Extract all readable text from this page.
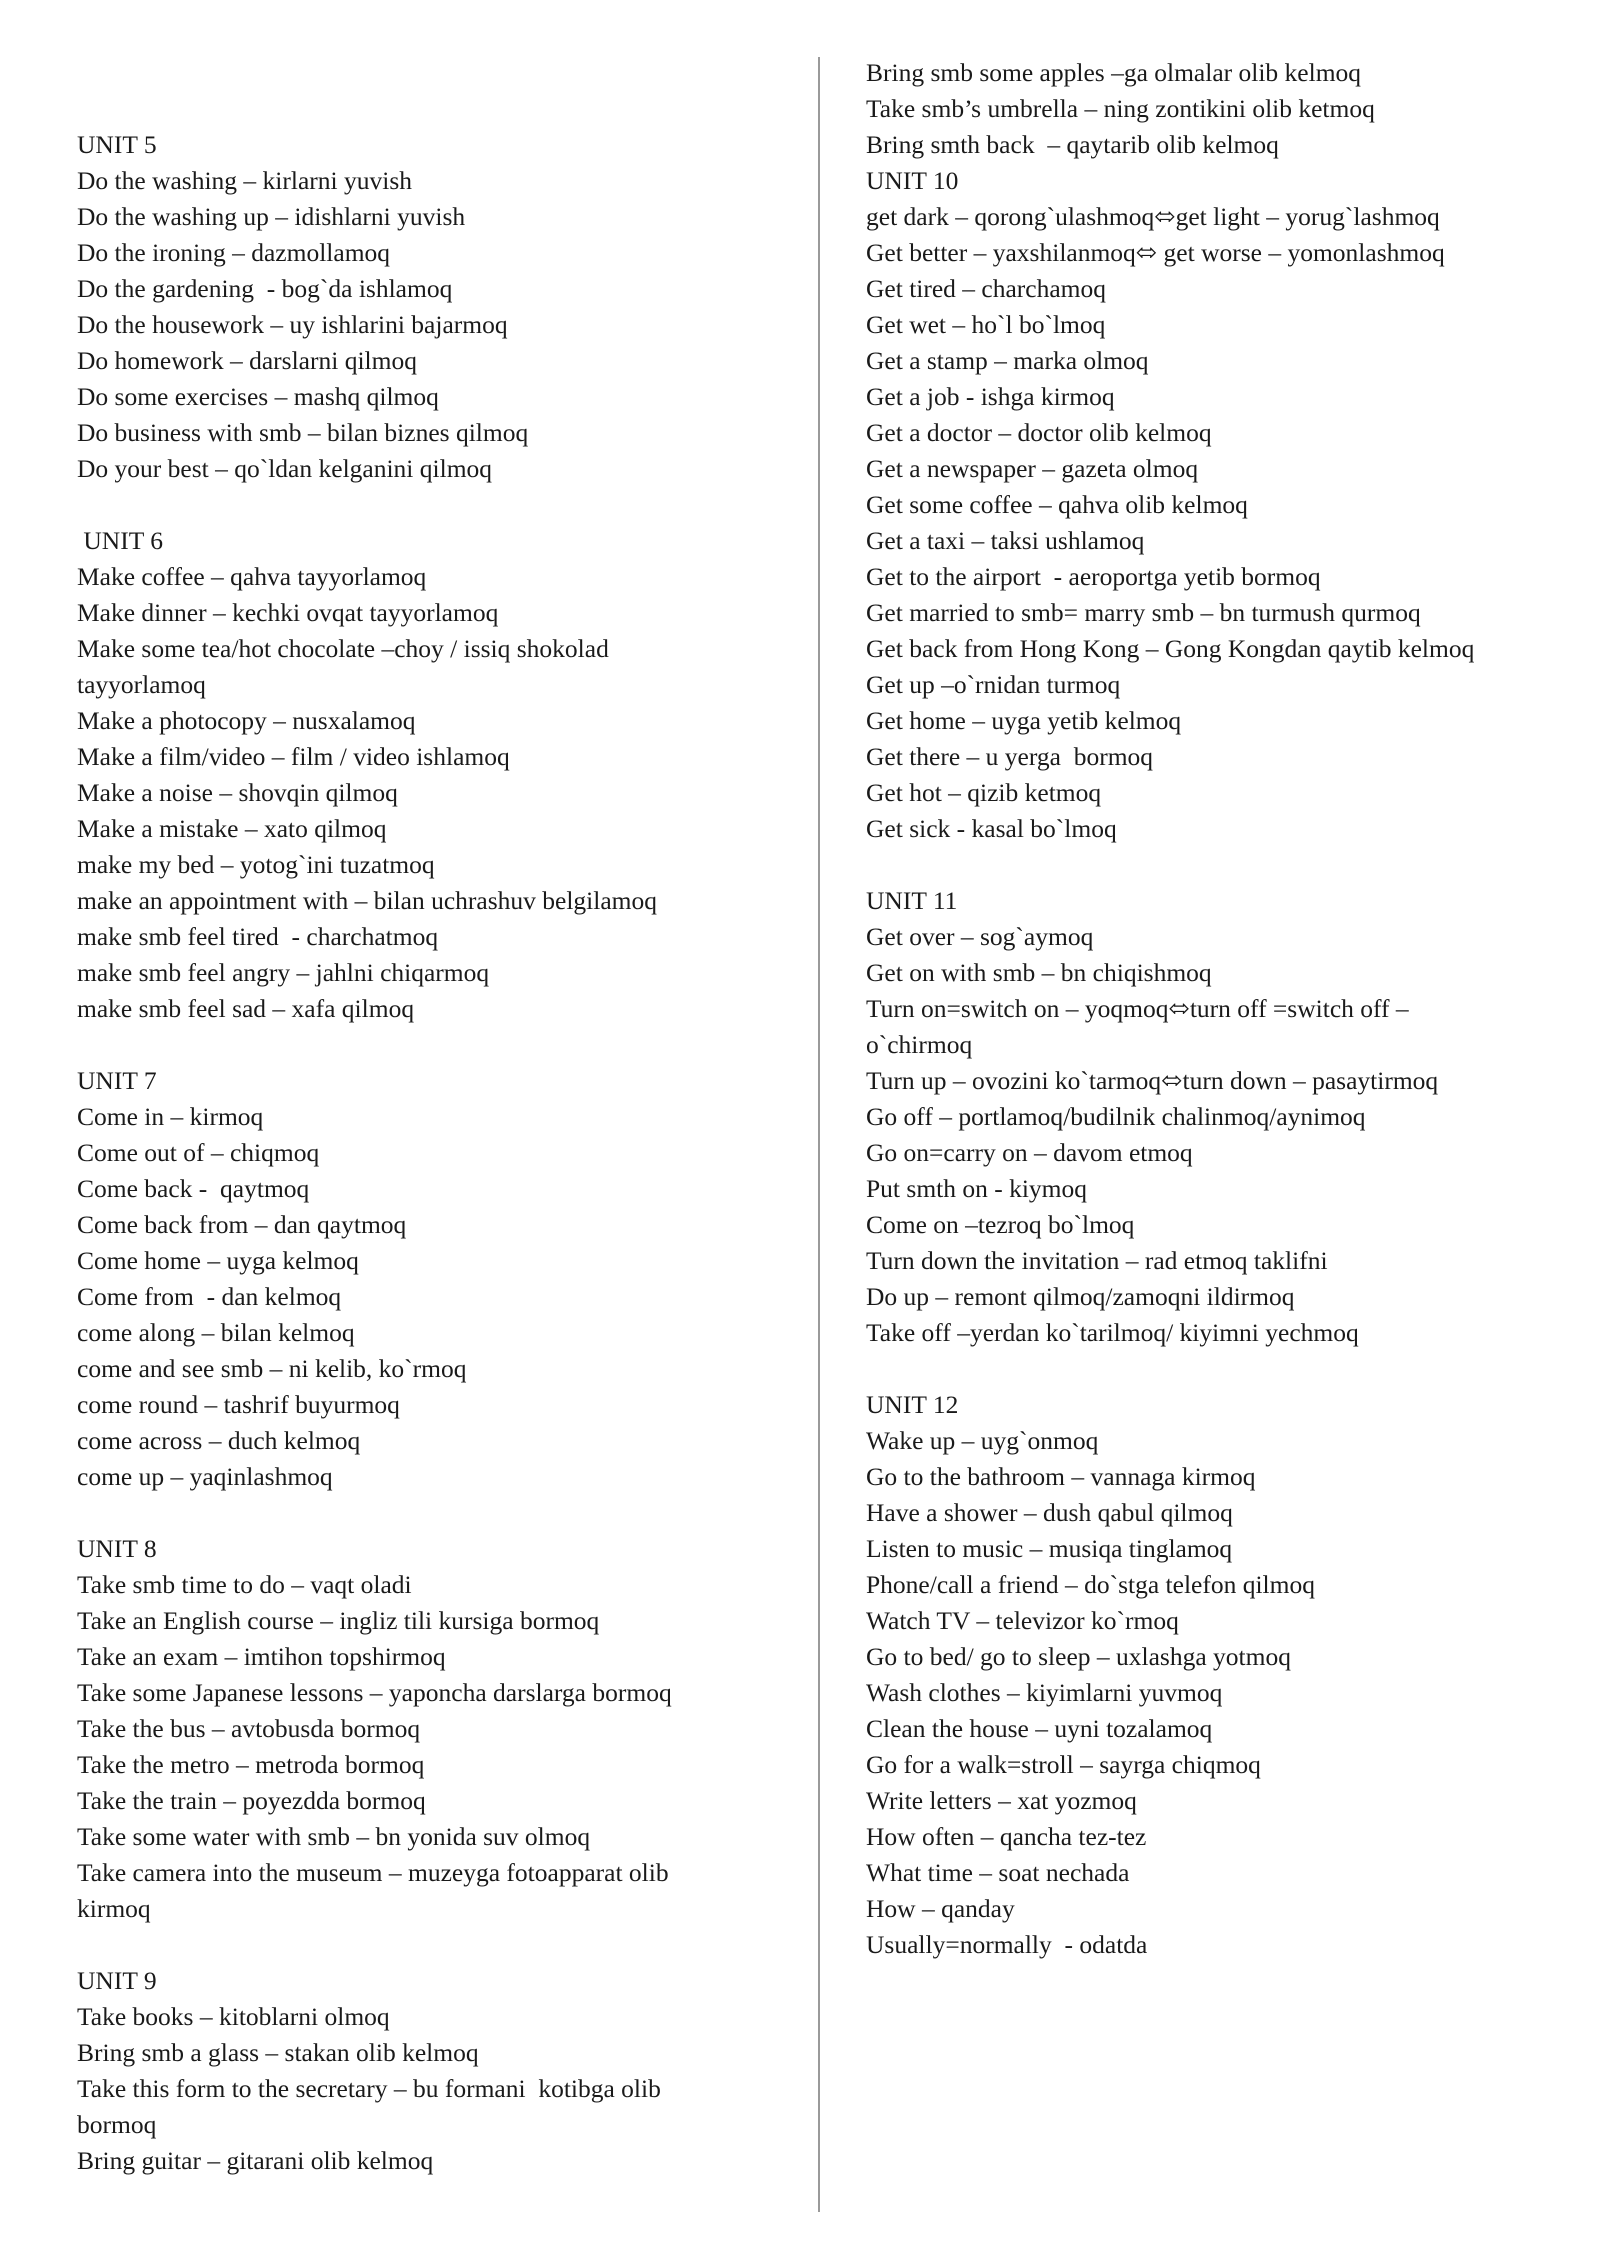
UNIT 5
Do the washing – kirlarni yuvish
Do the washing up – idishlarni yuvish
Do the ironing – dazmollamoq
Do the gardening  - bog`da ishlamoq
Do the housework – uy ishlarini bajarmoq
Do homework – darslarni qilmoq
Do some exercises – mashq qilmoq
Do business with smb – bilan biznes qilmoq
Do your best – qo`ldan kelganini qilmoq
UNIT 6
Make coffee – qahva tayyorlamoq
Make dinner – kechki ovqat tayyorlamoq
Make some tea/hot chocolate –choy / issiq shokolad
tayyorlamoq
Make a photocopy – nusxalamoq
Make a film/video – film / video ishlamoq
Make a noise – shovqin qilmoq
Make a mistake – xato qilmoq
make my bed – yotog`ini tuzatmoq
make an appointment with – bilan uchrashuv belgilamoq
make smb feel tired  - charchatmoq
make smb feel angry – jahlni chiqarmoq
make smb feel sad – xafa qilmoq
UNIT 7
Come in – kirmoq
Come out of – chiqmoq
Come back -  qaytmoq
Come back from – dan qaytmoq
Come home – uyga kelmoq
Come from  - dan kelmoq
come along – bilan kelmoq
come and see smb – ni kelib, ko`rmoq
come round – tashrif buyurmoq
come across – duch kelmoq
come up – yaqinlashmoq
UNIT 8
Take smb time to do – vaqt oladi
Take an English course – ingliz tili kursiga bormoq
Take an exam – imtihon topshirmoq
Take some Japanese lessons – yaponcha darslarga bormoq
Take the bus – avtobusda bormoq
Take the metro – metroda bormoq
Take the train – poyezdda bormoq
Take some water with smb – bn yonida suv olmoq
Take camera into the museum – muzeyga fotoapparat olib
kirmoq
UNIT 9
Take books – kitoblarni olmoq
Bring smb a glass – stakan olib kelmoq
Take this form to the secretary – bu formani  kotibga olib
bormoq
Bring guitar – gitarani olib kelmoq
Bring smb some apples –ga olmalar olib kelmoq
Take smb’s umbrella – ning zontikini olib ketmoq
Bring smth back  – qaytarib olib kelmoq
UNIT 10
get dark – qorong`ulashmoq⬄get light – yorug`lashmoq
Get better – yaxshilanmoq⬄ get worse – yomonlashmoq
Get tired – charchamoq
Get wet – ho`l bo`lmoq
Get a stamp – marka olmoq
Get a job - ishga kirmoq
Get a doctor – doctor olib kelmoq
Get a newspaper – gazeta olmoq
Get some coffee – qahva olib kelmoq
Get a taxi – taksi ushlamoq
Get to the airport  - aeroportga yetib bormoq
Get married to smb= marry smb – bn turmush qurmoq
Get back from Hong Kong – Gong Kongdan qaytib kelmoq
Get up –o`rnidan turmoq
Get home – uyga yetib kelmoq
Get there – u yerga  bormoq
Get hot – qizib ketmoq
Get sick - kasal bo`lmoq
UNIT 11
Get over – sog`aymoq
Get on with smb – bn chiqishmoq
Turn on=switch on – yoqmoq⬄turn off =switch off –
o`chirmoq
Turn up – ovozini ko`tarmoq⬄turn down – pasaytirmoq
Go off – portlamoq/budilnik chalinmoq/aynimoq
Go on=carry on – davom etmoq
Put smth on - kiymoq
Come on –tezroq bo`lmoq
Turn down the invitation – rad etmoq taklifni
Do up – remont qilmoq/zamoqni ildirmoq
Take off –yerdan ko`tarilmoq/ kiyimni yechmoq
UNIT 12
Wake up – uyg`onmoq
Go to the bathroom – vannaga kirmoq
Have a shower – dush qabul qilmoq
Listen to music – musiqa tinglamoq
Phone/call a friend – do`stga telefon qilmoq
Watch TV – televizor ko`rmoq
Go to bed/ go to sleep – uxlashga yotmoq
Wash clothes – kiyimlarni yuvmoq
Clean the house – uyni tozalamoq
Go for a walk=stroll – sayrga chiqmoq
Write letters – xat yozmoq
How often – qancha tez-tez
What time – soat nechada
How – qanday
Usually=normally  - odatda
